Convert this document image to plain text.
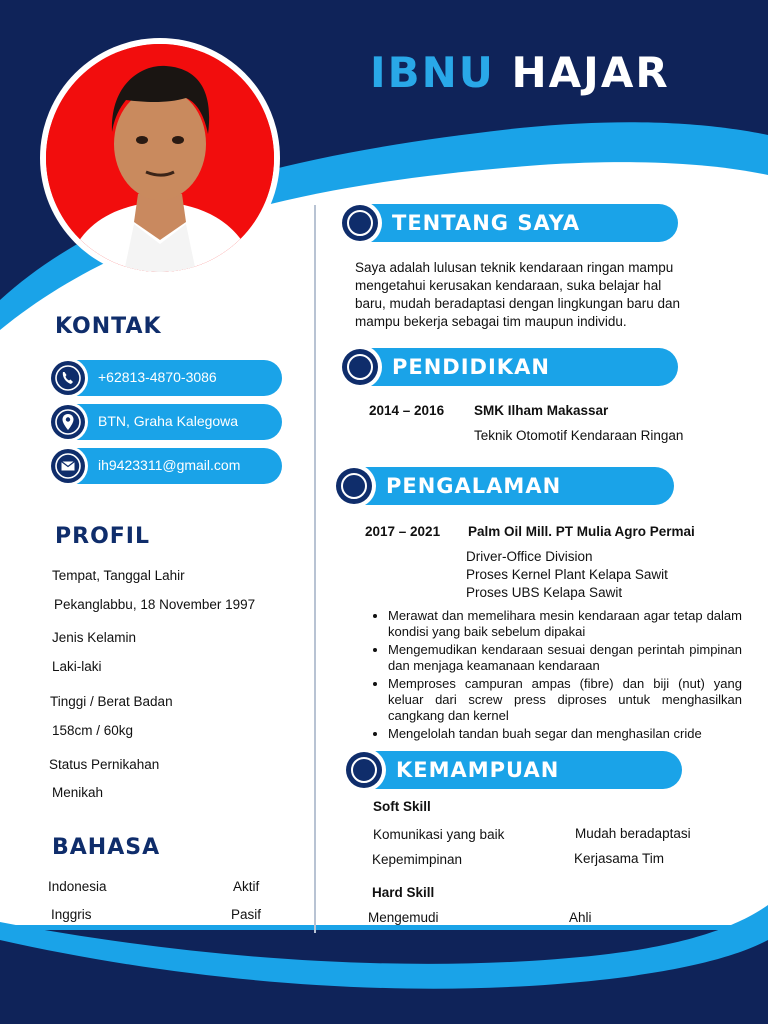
IBNU HAJAR
KONTAK
+62813-4870-3086
BTN, Graha Kalegowa
ih9423311@gmail.com
PROFIL
Tempat, Tanggal Lahir
Pekanglabbu, 18 November 1997
Jenis Kelamin
Laki-laki
Tinggi / Berat Badan
158cm / 60kg
Status Pernikahan
Menikah
BAHASA
Indonesia	Aktif
Inggris	Pasif
TENTANG SAYA
Saya adalah lulusan teknik kendaraan ringan mampu
mengetahui kerusakan kendaraan, suka belajar hal
baru, mudah beradaptasi dengan lingkungan baru dan
mampu bekerja sebagai tim maupun individu.
PENDIDIKAN
2014 – 2016 SMK Ilham Makassar
Teknik Otomotif Kendaraan Ringan
PENGALAMAN
2017 – 2021 Palm Oil Mill. PT Mulia Agro Permai
Driver-Office Division
Proses Kernel Plant Kelapa Sawit
Proses UBS Kelapa Sawit
• Merawat dan memelihara mesin kendaraan agar tetap dalam kondisi yang baik sebelum dipakai
• Mengemudikan kendaraan sesuai dengan perintah pimpinan dan menjaga keamanaan kendaraan
• Memproses campuran ampas (fibre) dan biji (nut) yang keluar dari screw press diproses untuk menghasilkan cangkang dan kernel
• Mengelolah tandan buah segar dan menghasilan cride
KEMAMPUAN
Soft Skill
Komunikasi yang baik	Mudah beradaptasi
Kepemimpinan	Kerjasama Tim
Hard Skill
Mengemudi	Ahli
